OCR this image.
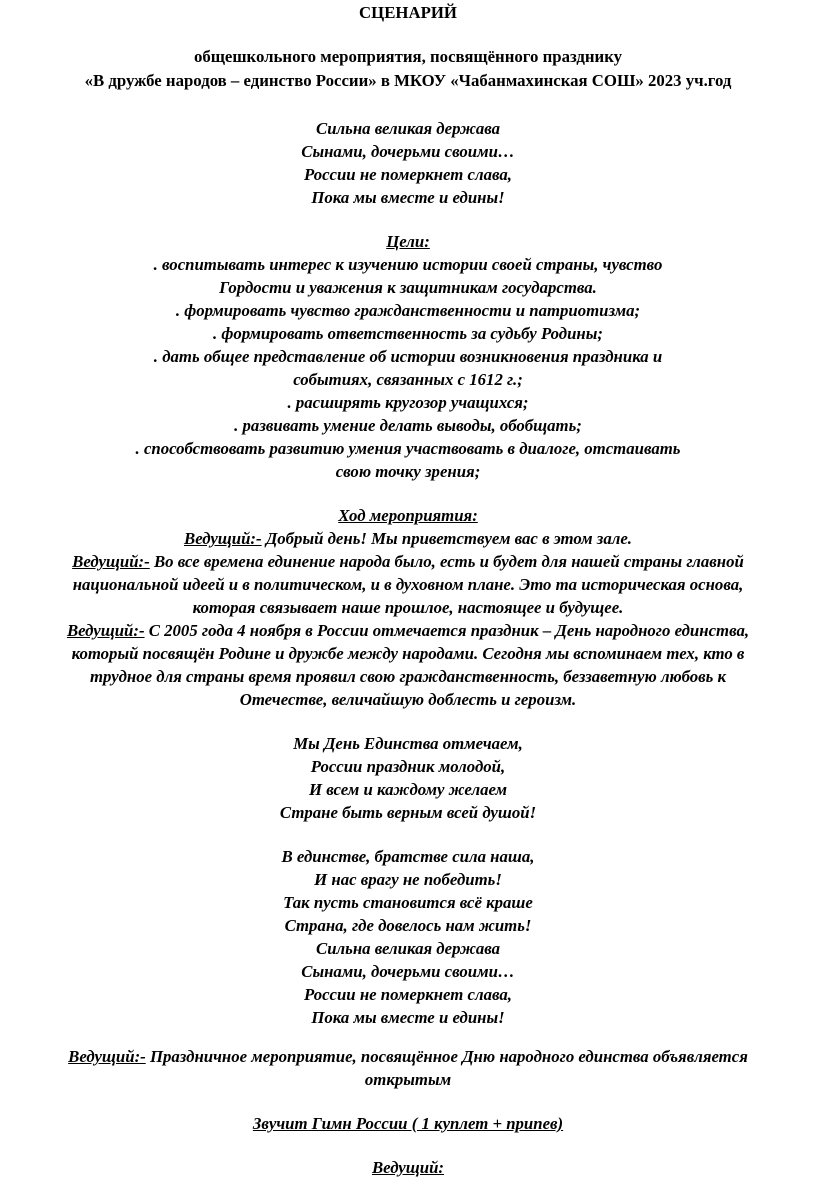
СЦЕНАРИЙ
общешкольного мероприятия, посвящённого празднику
«В дружбе народов – единство России» в МКОУ «Чабанмахинская СОШ» 2023 уч.год
Сильна великая держава
Сынами, дочерьми своими…
России не померкнет слава,
Пока мы вместе и едины!
Цели:
. воспитывать интерес к изучению истории своей страны, чувство
Гордости и уважения к защитникам государства.
. формировать чувство гражданственности и патриотизма;
. формировать ответственность за судьбу Родины;
. дать общее представление об истории возникновения праздника и
событиях, связанных с 1612 г.;
. расширять кругозор учащихся;
. развивать умение делать выводы, обобщать;
. способствовать развитию умения участвовать в диалоге, отстаивать
свою точку зрения;
Ход мероприятия:
Ведущий:- Добрый день! Мы приветствуем вас в этом зале.
Ведущий:- Во все времена единение народа было, есть и будет для нашей страны главной
национальной идеей и в политическом, и в духовном плане. Это та историческая основа,
которая связывает наше прошлое, настоящее и будущее.
Ведущий:- С 2005 года 4 ноября в России отмечается праздник – День народного единства,
который посвящён Родине и дружбе между народами. Сегодня мы вспоминаем тех, кто в
трудное для страны время проявил свою гражданственность, беззаветную любовь к
Отечестве, величайшую доблесть и героизм.
Мы День Единства отмечаем,
России праздник молодой,
И всем и каждому желаем
Стране быть верным всей душой!
В единстве, братстве сила наша,
И нас врагу не победить!
Так пусть становится всё краше
Страна, где довелось нам жить!
Сильна великая держава
Сынами, дочерьми своими…
России не померкнет слава,
Пока мы вместе и едины!
Ведущий:- Праздничное мероприятие, посвящённое Дню народного единства объявляется
открытым
Звучит Гимн России ( 1 куплет + припев)
Ведущий:
